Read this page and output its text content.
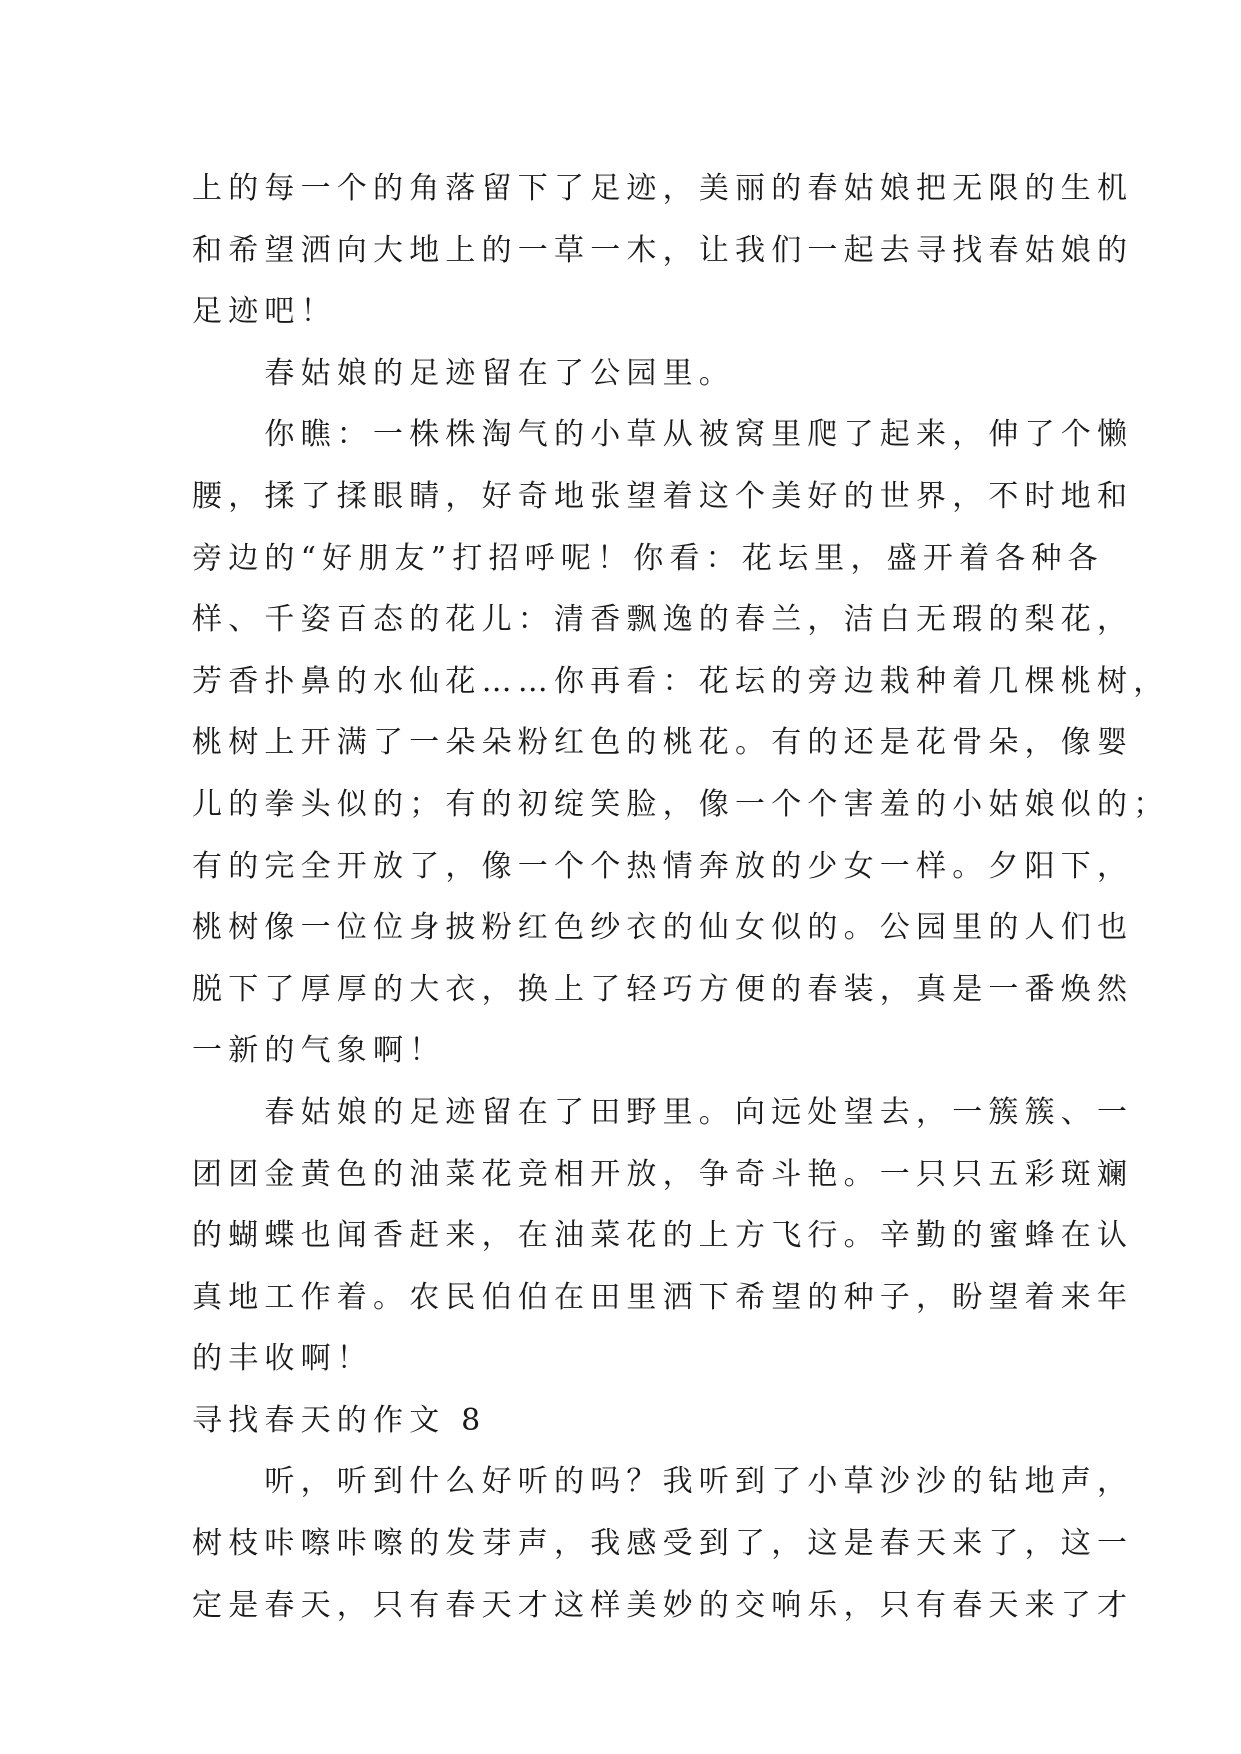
上的每一个的角落留下了足迹，美丽的春姑娘把无限的生机
和希望洒向大地上的一草一木，让我们一起去寻找春姑娘的
足迹吧！
　　春姑娘的足迹留在了公园里。
　　你瞧：一株株淘气的小草从被窝里爬了起来，伸了个懒
腰，揉了揉眼睛，好奇地张望着这个美好的世界，不时地和
旁边的“好朋友”打招呼呢！你看：花坛里，盛开着各种各
样、千姿百态的花儿：清香飘逸的春兰，洁白无瑕的梨花，
芳香扑鼻的水仙花……你再看：花坛的旁边栽种着几棵桃树，
桃树上开满了一朵朵粉红色的桃花。有的还是花骨朵，像婴
儿的拳头似的；有的初绽笑脸，像一个个害羞的小姑娘似的；
有的完全开放了，像一个个热情奔放的少女一样。夕阳下，
桃树像一位位身披粉红色纱衣的仙女似的。公园里的人们也
脱下了厚厚的大衣，换上了轻巧方便的春装，真是一番焕然
一新的气象啊！
　　春姑娘的足迹留在了田野里。向远处望去，一簇簇、一
团团金黄色的油菜花竞相开放，争奇斗艳。一只只五彩斑斓
的蝴蝶也闻香赶来，在油菜花的上方飞行。辛勤的蜜蜂在认
真地工作着。农民伯伯在田里洒下希望的种子，盼望着来年
的丰收啊！
寻找春天的作文 8
　　听，听到什么好听的吗？我听到了小草沙沙的钻地声，
树枝咔嚓咔嚓的发芽声，我感受到了，这是春天来了，这一
定是春天，只有春天才这样美妙的交响乐，只有春天来了才
